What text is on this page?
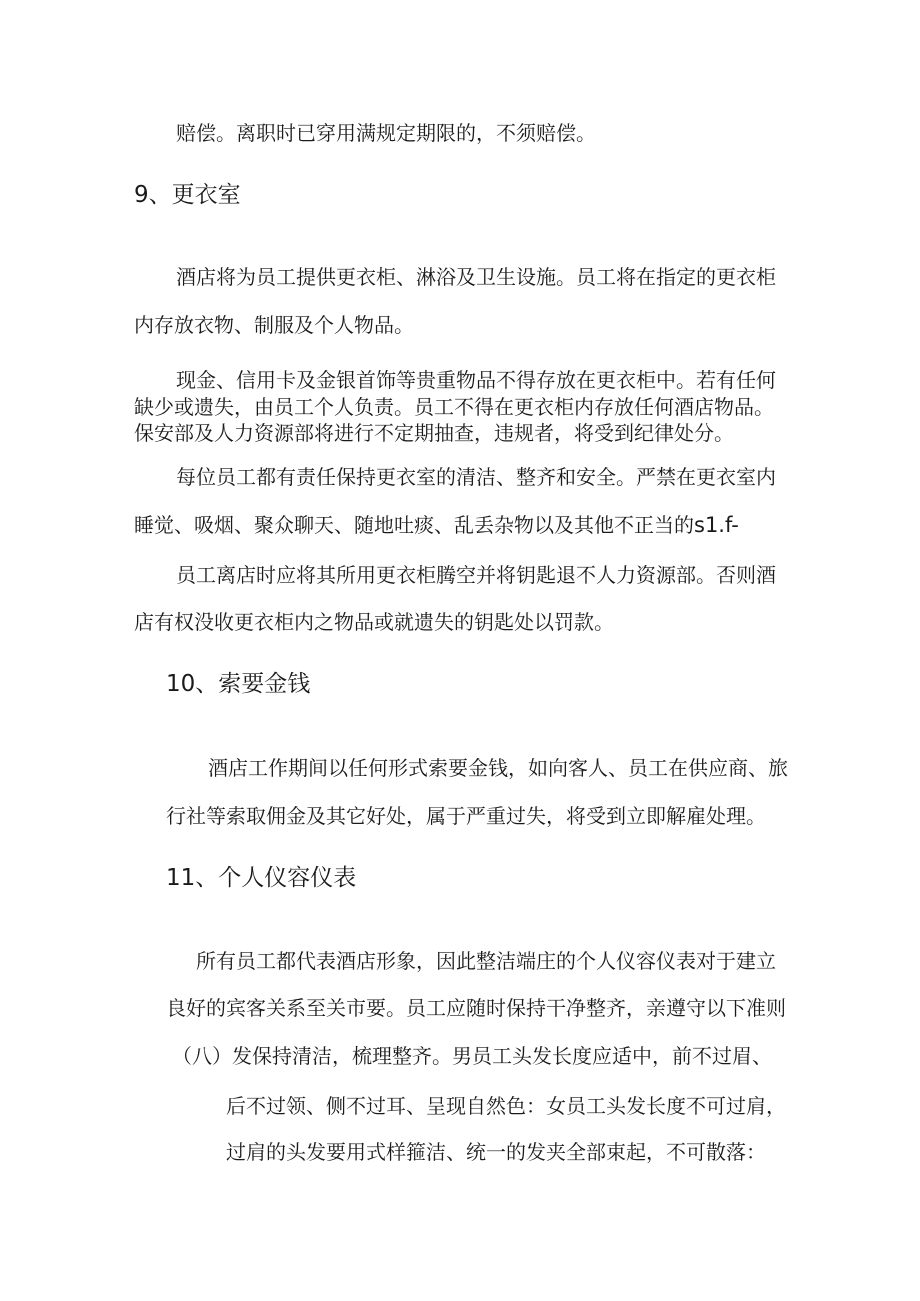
赔偿。离职时已穿用满规定期限的，不须赔偿。
9、更衣室
酒店将为员工提供更衣柜、淋浴及卫生设施。员工将在指定的更衣柜
内存放衣物、制服及个人物品。
现金、信用卡及金银首饰等贵重物品不得存放在更衣柜中。若有任何
缺少或遗失，由员工个人负责。员工不得在更衣柜内存放任何酒店物品。
保安部及人力资源部将进行不定期抽查，违规者，将受到纪律处分。
每位员工都有责任保持更衣室的清洁、整齐和安全。严禁在更衣室内
睡觉、吸烟、聚众聊天、随地吐痰、乱丢杂物以及其他不正当的s1.f-
员工离店时应将其所用更衣柜腾空并将钥匙退不人力资源部。否则酒
店有权没收更衣柜内之物品或就遗失的钥匙处以罚款。
10、索要金钱
酒店工作期间以任何形式索要金钱，如向客人、员工在供应商、旅
行社等索取佣金及其它好处，属于严重过失，将受到立即解雇处理。
11、个人仪容仪表
所有员工都代表酒店形象，因此整洁端庄的个人仪容仪表对于建立
良好的宾客关系至关市要。员工应随时保持干净整齐，亲遵守以下准则
（八）发保持清洁，梳理整齐。男员工头发长度应适中，前不过眉、
后不过领、侧不过耳、呈现自然色：女员工头发长度不可过肩，
过肩的头发要用式样箍洁、统一的发夹全部束起，不可散落：
